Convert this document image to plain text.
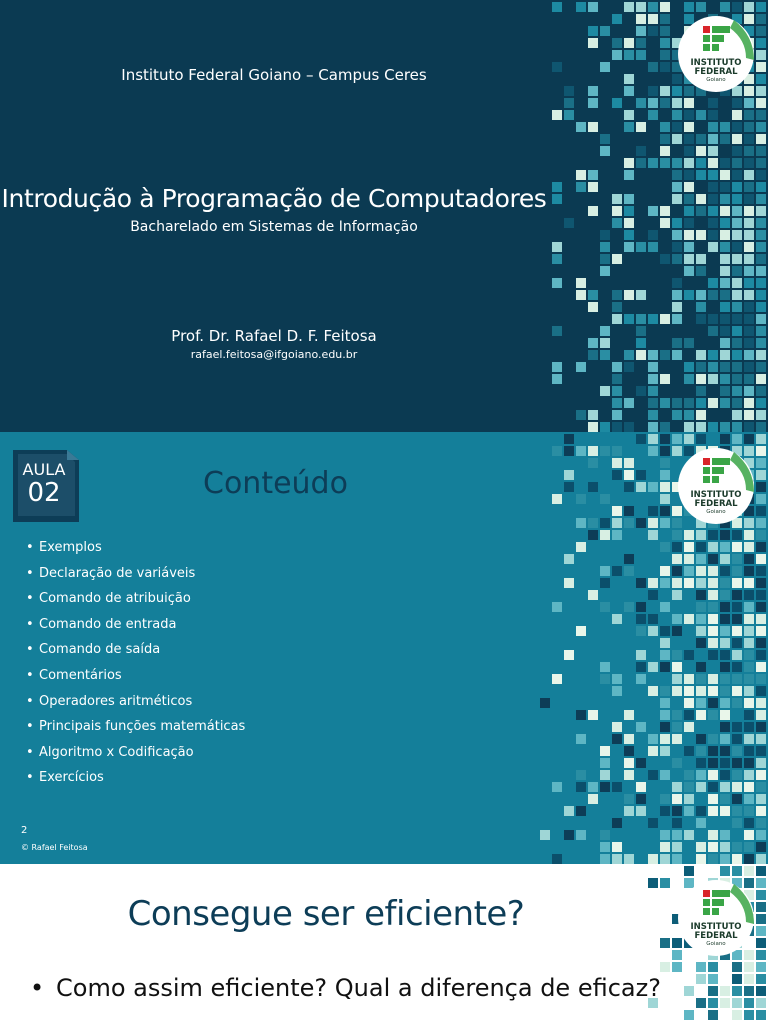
Instituto Federal Goiano – Campus Ceres
Introdução à Programação de Computadores
Bacharelado em Sistemas de Informação
Prof. Dr. Rafael D. F. Feitosa
rafael.feitosa@ifgoiano.edu.br
AULA
02	Conteúdo
• Exemplos
• Declaração de variáveis
• Comando de atribuição
• Comando de entrada
• Comando de saída
• Comentários
• Operadores aritméticos
• Principais funções matemáticas
• Algoritmo x Codificação
• Exercícios
2
© Rafael Feitosa
Consegue ser eficiente?
• Como assim eficiente? Qual a diferença de eficaz?
INSTITUTO
FEDERAL
Goiano
INSTITUTO
FEDERAL
Goiano
INSTITUTO
FEDERAL
Goiano
